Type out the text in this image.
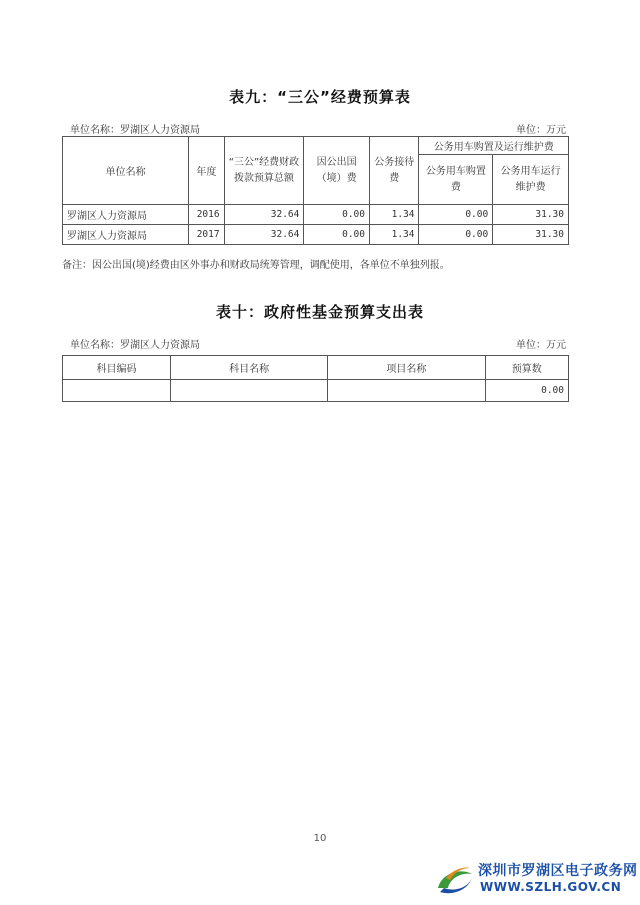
表九：“三公”经费预算表
单位名称：罗湖区人力资源局	单位：万元
单位名称	年度	“三公”经费财政拨款预算总额	因公出国（境）费	公务接待费	公务用车购置及运行维护费	
					公务用车购置费	公务用车运行维护费
罗湖区人力资源局	2016	32.64	0.00	1.34	0.00	31.30
罗湖区人力资源局	2017	32.64	0.00	1.34	0.00	31.30
备注：因公出国(境)经费由区外事办和财政局统筹管理，调配使用，各单位不单独列报。
表十：政府性基金预算支出表
单位名称：罗湖区人力资源局	单位：万元
科目编码	科目名称	项目名称	预算数
			0.00
10
深圳市罗湖区电子政务网
WWW.SZLH.GOV.CN
